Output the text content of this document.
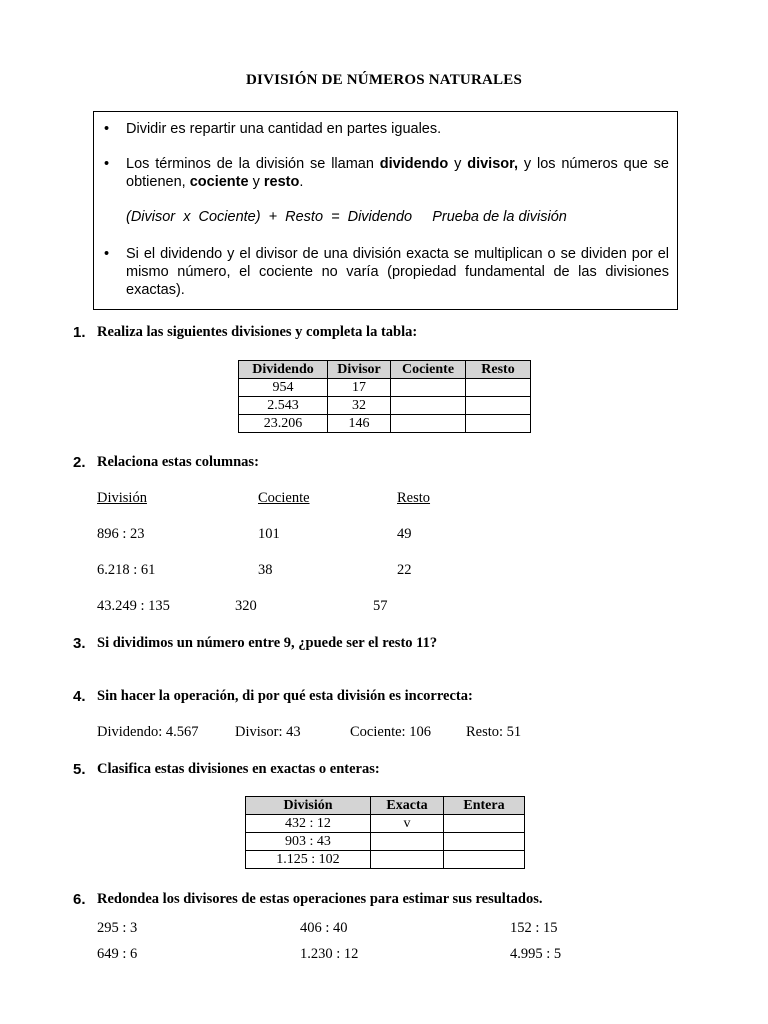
DIVISIÓN DE NÚMEROS NATURALES
• Dividir es repartir una cantidad en partes iguales.
• Los términos de la división se llaman dividendo y divisor, y los números que se obtienen, cociente y resto.
(Divisor  x  Cociente)  +  Resto  =  Dividendo     Prueba de la división
• Si el dividendo y el divisor de una división exacta se multiplican o se dividen por el mismo número, el cociente no varía (propiedad fundamental de las divisiones exactas).
1. Realiza las siguientes divisiones y completa la tabla:
Dividendo	Divisor	Cociente	Resto
954	17		
2.543	32		
23.206	146		
2. Relaciona estas columnas:
División	Cociente	Resto
896 : 23	101	49
6.218 : 61	38	22
43.249 : 135	320	57
3. Si dividimos un número entre 9, ¿puede ser el resto 11?
4. Sin hacer la operación, di por qué esta división es incorrecta:
Dividendo: 4.567	Divisor: 43	Cociente: 106 Resto: 51
5. Clasifica estas divisiones en exactas o enteras:
División	Exacta	Entera
432 : 12	v	
903 : 43		
1.125 : 102		
6. Redondea los divisores de estas operaciones para estimar sus resultados.
295 : 3	406 : 40	152 : 15
649 : 6	1.230 : 12	4.995 : 5
